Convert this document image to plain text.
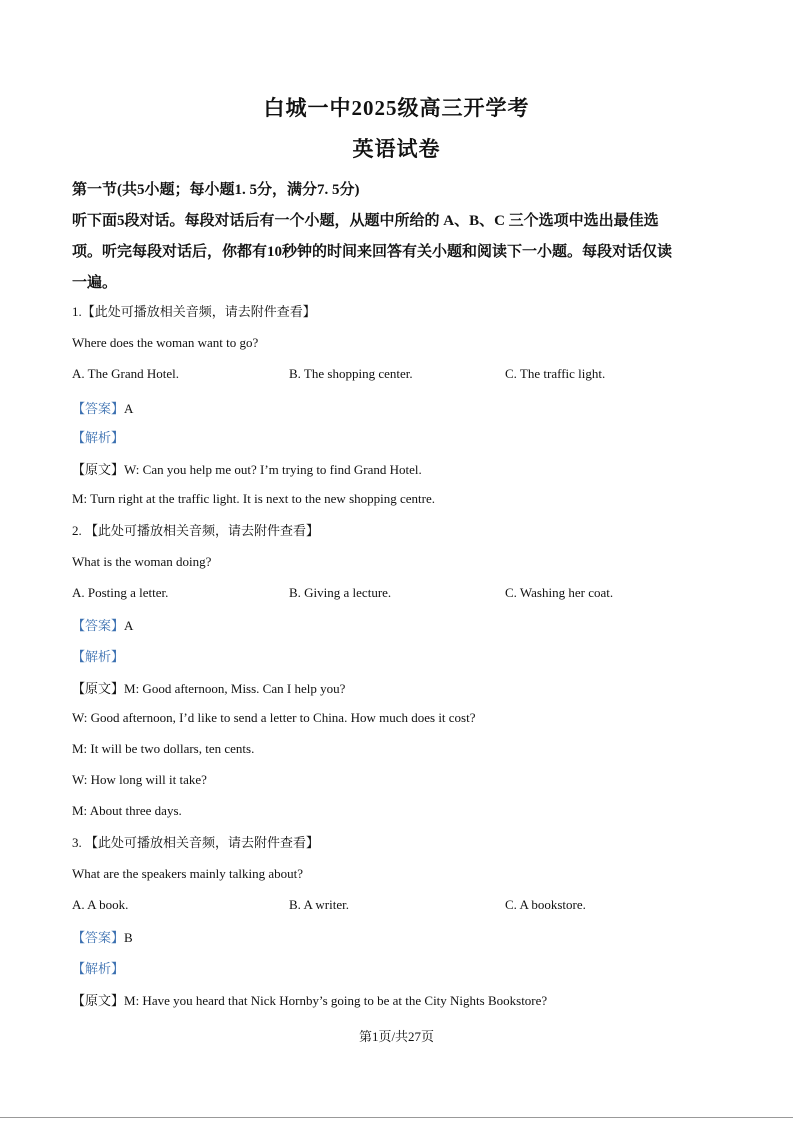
白城一中2025级高三开学考
英语试卷
第一节(共5小题；每小题1. 5分，满分7. 5分)
听下面5段对话。每段对话后有一个小题，从题中所给的 A、B、C 三个选项中选出最佳选
项。听完每段对话后，你都有10秒钟的时间来回答有关小题和阅读下一小题。每段对话仅读
一遍。
1.【此处可播放相关音频，请去附件查看】
Where does the woman want to go?
A. The Grand Hotel.	B. The shopping center.	C. The traffic light.
【答案】A
【解析】
【原文】W: Can you help me out? I’m trying to find Grand Hotel.
M: Turn right at the traffic light. It is next to the new shopping centre.
2. 【此处可播放相关音频，请去附件查看】
What is the woman doing?
A. Posting a letter.	B. Giving a lecture.	C. Washing her coat.
【答案】A
【解析】
【原文】M: Good afternoon, Miss. Can I help you?
W: Good afternoon, I’d like to send a letter to China. How much does it cost?
M: It will be two dollars, ten cents.
W: How long will it take?
M: About three days.
3. 【此处可播放相关音频，请去附件查看】
What are the speakers mainly talking about?
A. A book.	B. A writer.	C. A bookstore.
【答案】B
【解析】
【原文】M: Have you heard that Nick Hornby’s going to be at the City Nights Bookstore?
第1页/共27页
